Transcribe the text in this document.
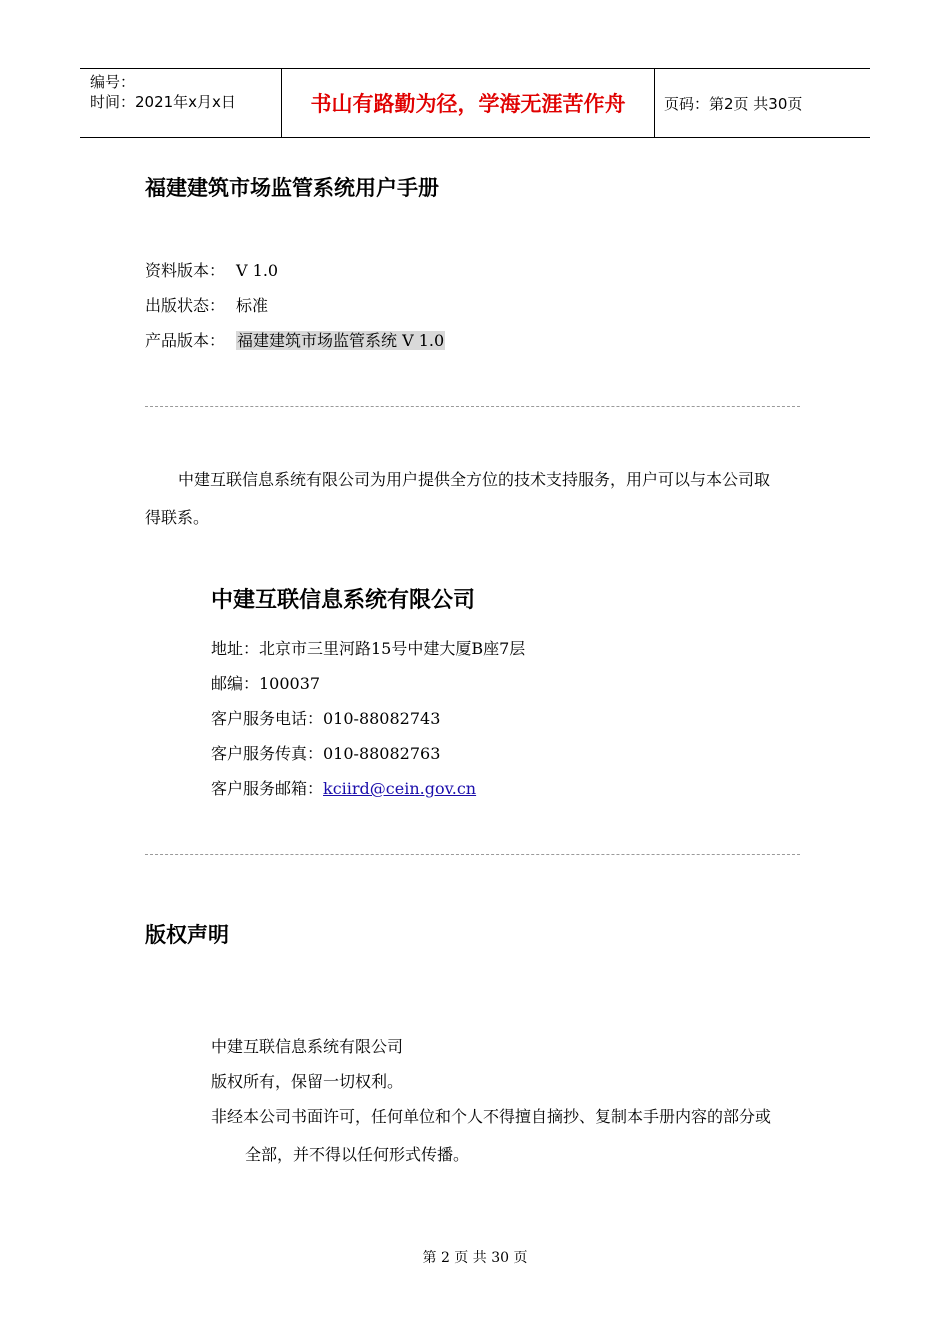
编号：
时间：2021年x月x日	书山有路勤为径，学海无涯苦作舟	页码：第2页 共30页
福建建筑市场监管系统用户手册
资料版本： V 1.0
出版状态： 标准
产品版本： 福建建筑市场监管系统 V 1.0
中建互联信息系统有限公司为用户提供全方位的技术支持服务，用户可以与本公司取
得联系。
中建互联信息系统有限公司
地址：北京市三里河路15号中建大厦B座7层
邮编：100037
客户服务电话：010-88082743
客户服务传真：010-88082763
客户服务邮箱：kciird@cein.gov.cn
版权声明
中建互联信息系统有限公司
版权所有，保留一切权利。
非经本公司书面许可，任何单位和个人不得擅自摘抄、复制本手册内容的部分或
全部，并不得以任何形式传播。
第 2 页 共 30 页
